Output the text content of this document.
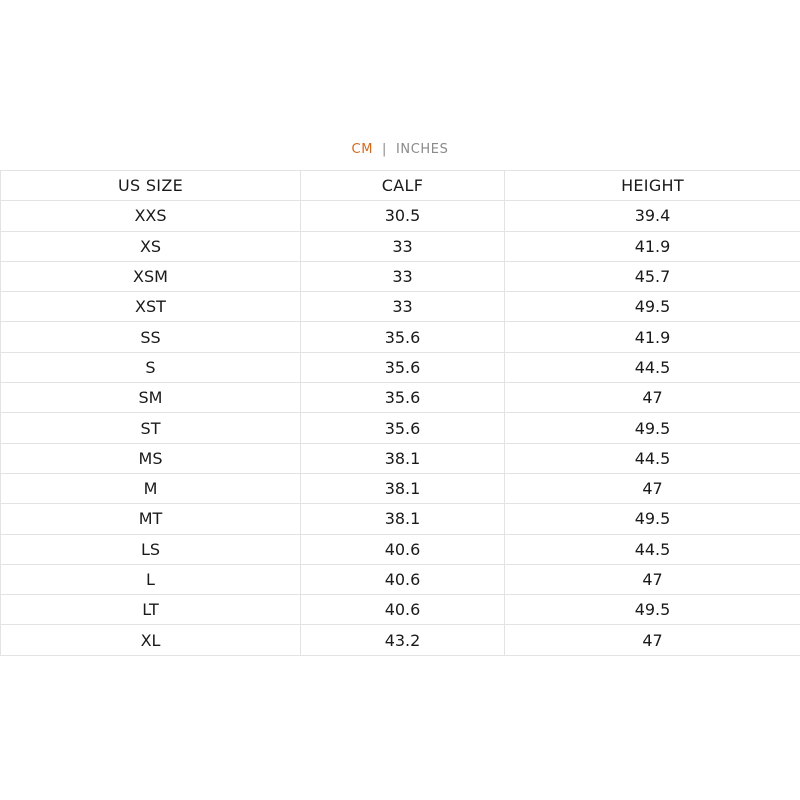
CM | INCHES
US SIZE	CALF	HEIGHT
XXS	30.5	39.4
XS	33	41.9
XSM	33	45.7
XST	33	49.5
SS	35.6	41.9
S	35.6	44.5
SM	35.6	47
ST	35.6	49.5
MS	38.1	44.5
M	38.1	47
MT	38.1	49.5
LS	40.6	44.5
L	40.6	47
LT	40.6	49.5
XL	43.2	47
